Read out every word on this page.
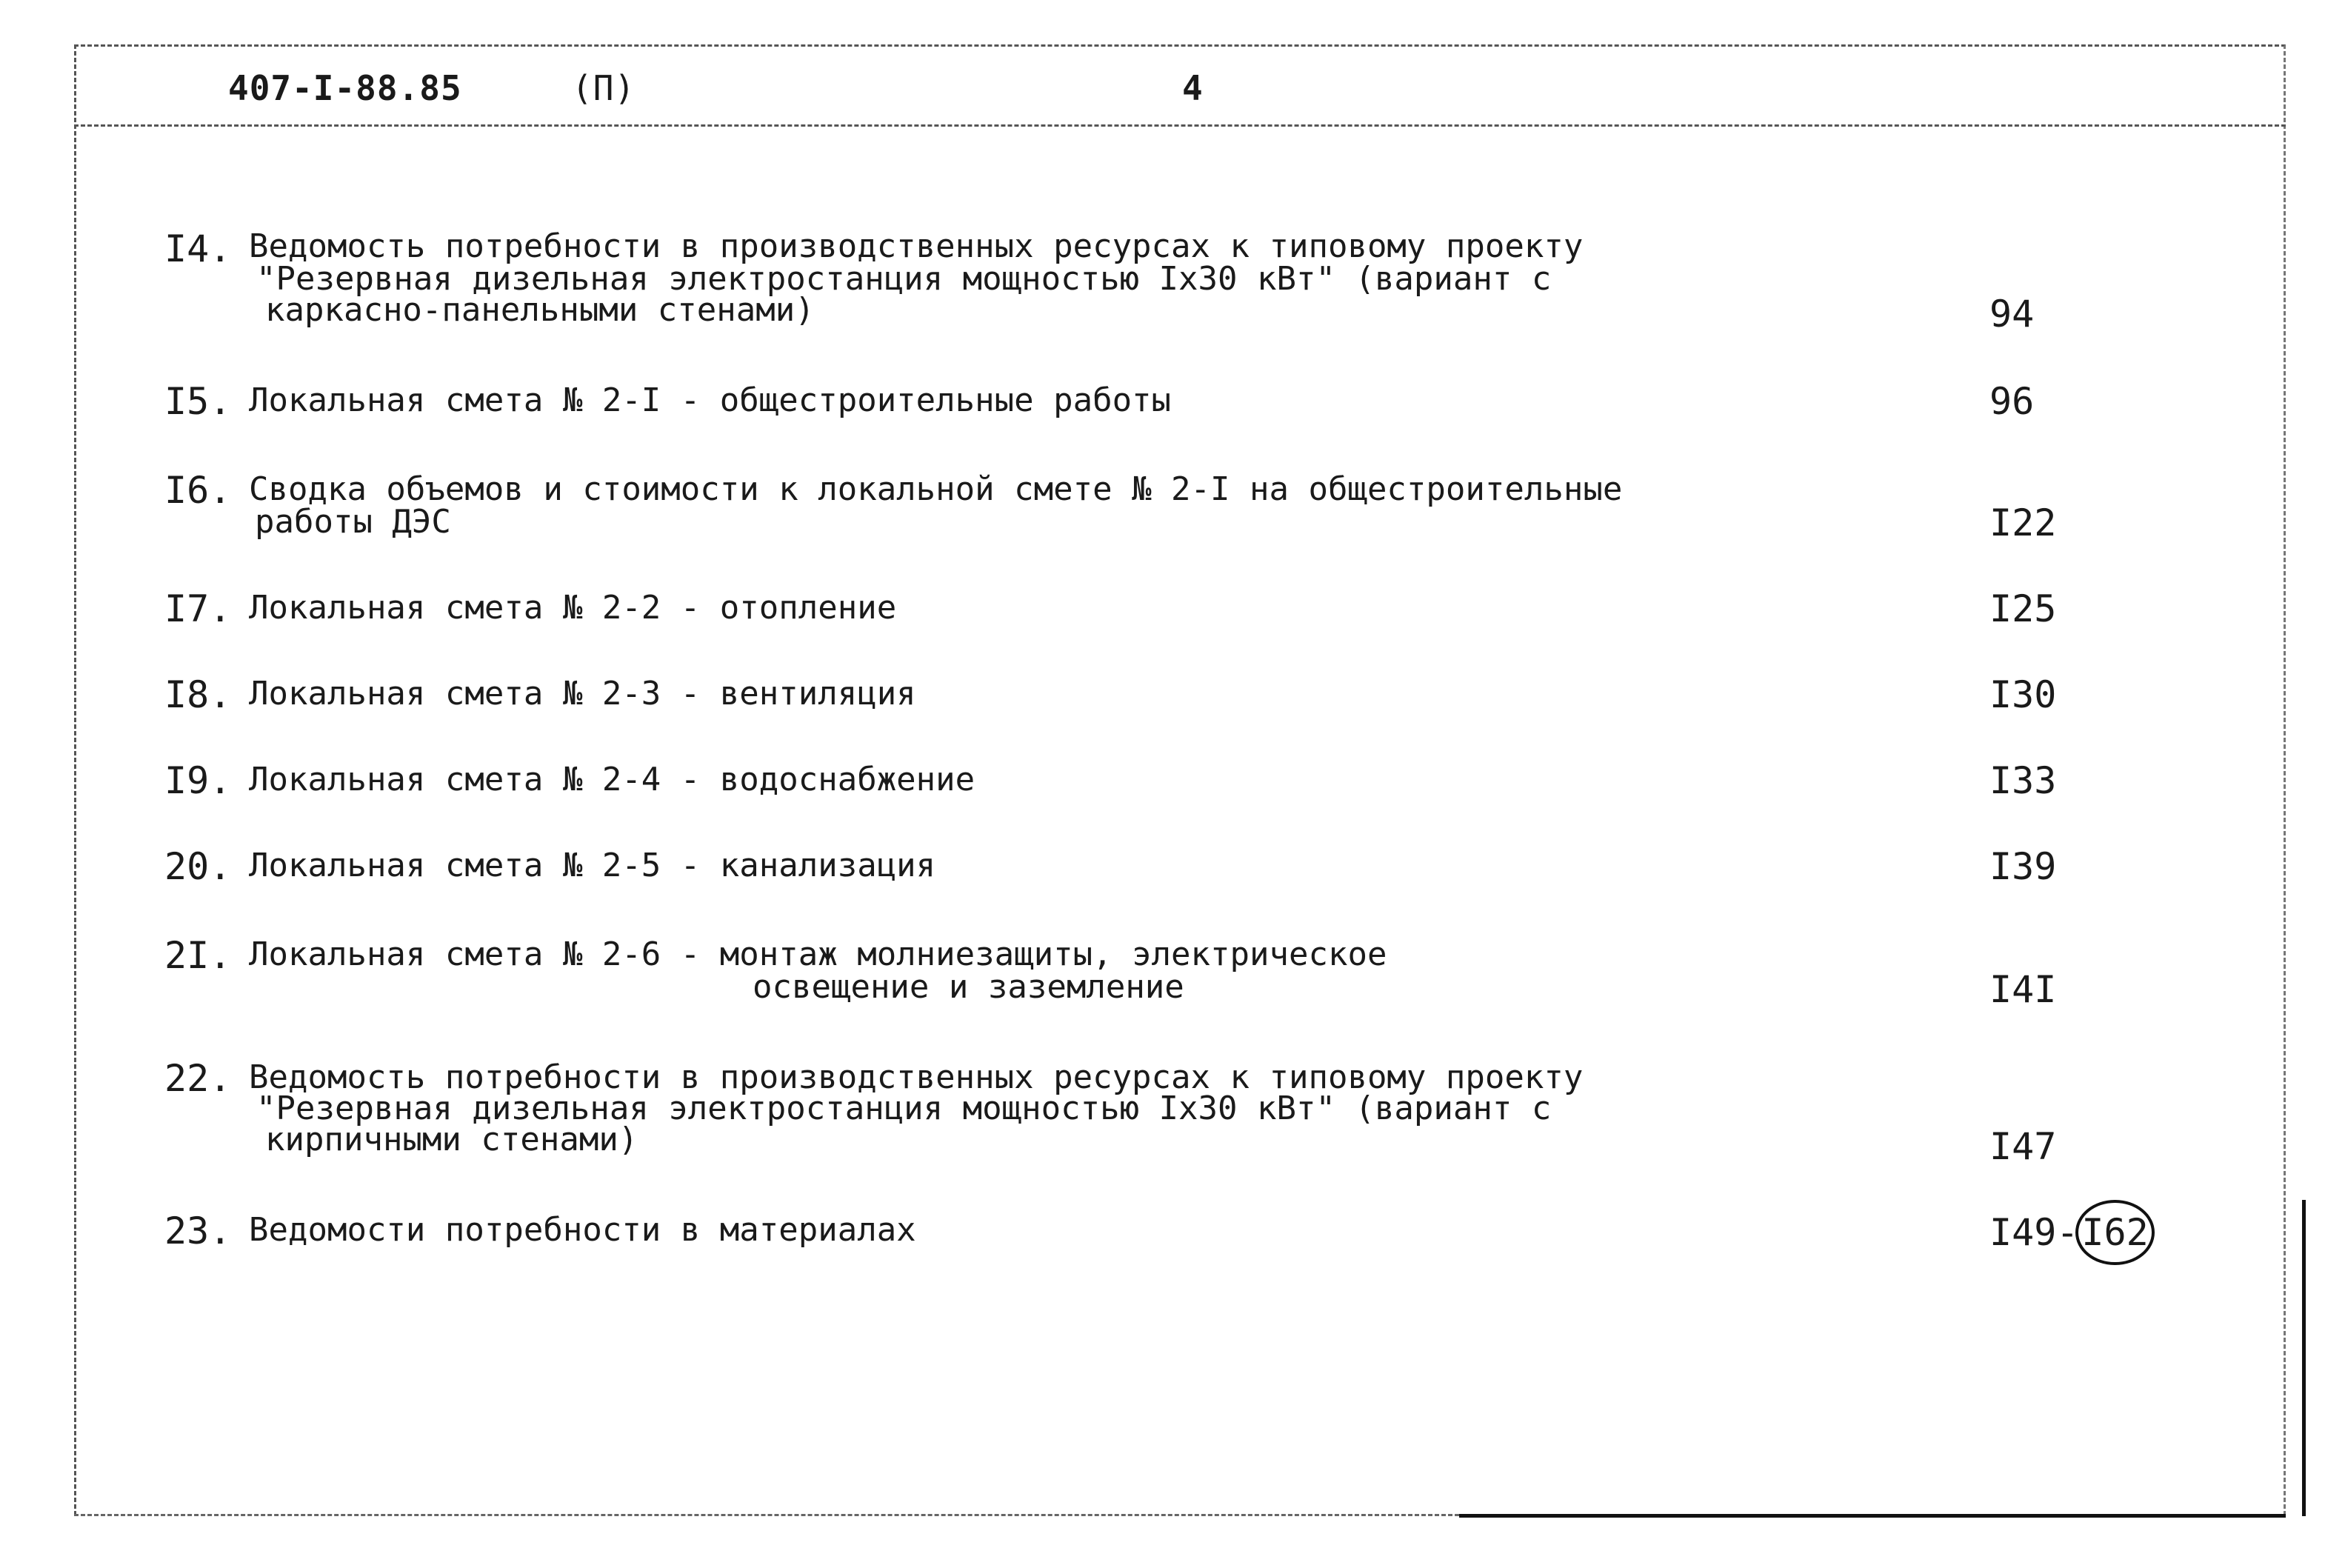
407-I-88.85	(П)	4
I4. Ведомость потребности в производственных ресурсах к типовому проекту
"Резервная дизельная электростанция мощностью Iх30 кВт" (вариант с
каркасно-панельными стенами)	94
I5. Локальная смета № 2-I - общестроительные работы	96
I6. Сводка объемов и стоимости к локальной смете № 2-I на общестроительные
работы ДЭС	I22
I7. Локальная смета № 2-2 - отопление	I25
I8. Локальная смета № 2-3 - вентиляция	I30
I9. Локальная смета № 2-4 - водоснабжение	I33
20. Локальная смета № 2-5 - канализация	I39
2I. Локальная смета № 2-6 - монтаж молниезащиты, электрическое
освещение и заземление	I4I
22. Ведомость потребности в производственных ресурсах к типовому проекту
"Резервная дизельная электростанция мощностью Iх30 кВт" (вариант с
кирпичными стенами)	I47
23. Ведомости потребности в материалах	I49-I62
